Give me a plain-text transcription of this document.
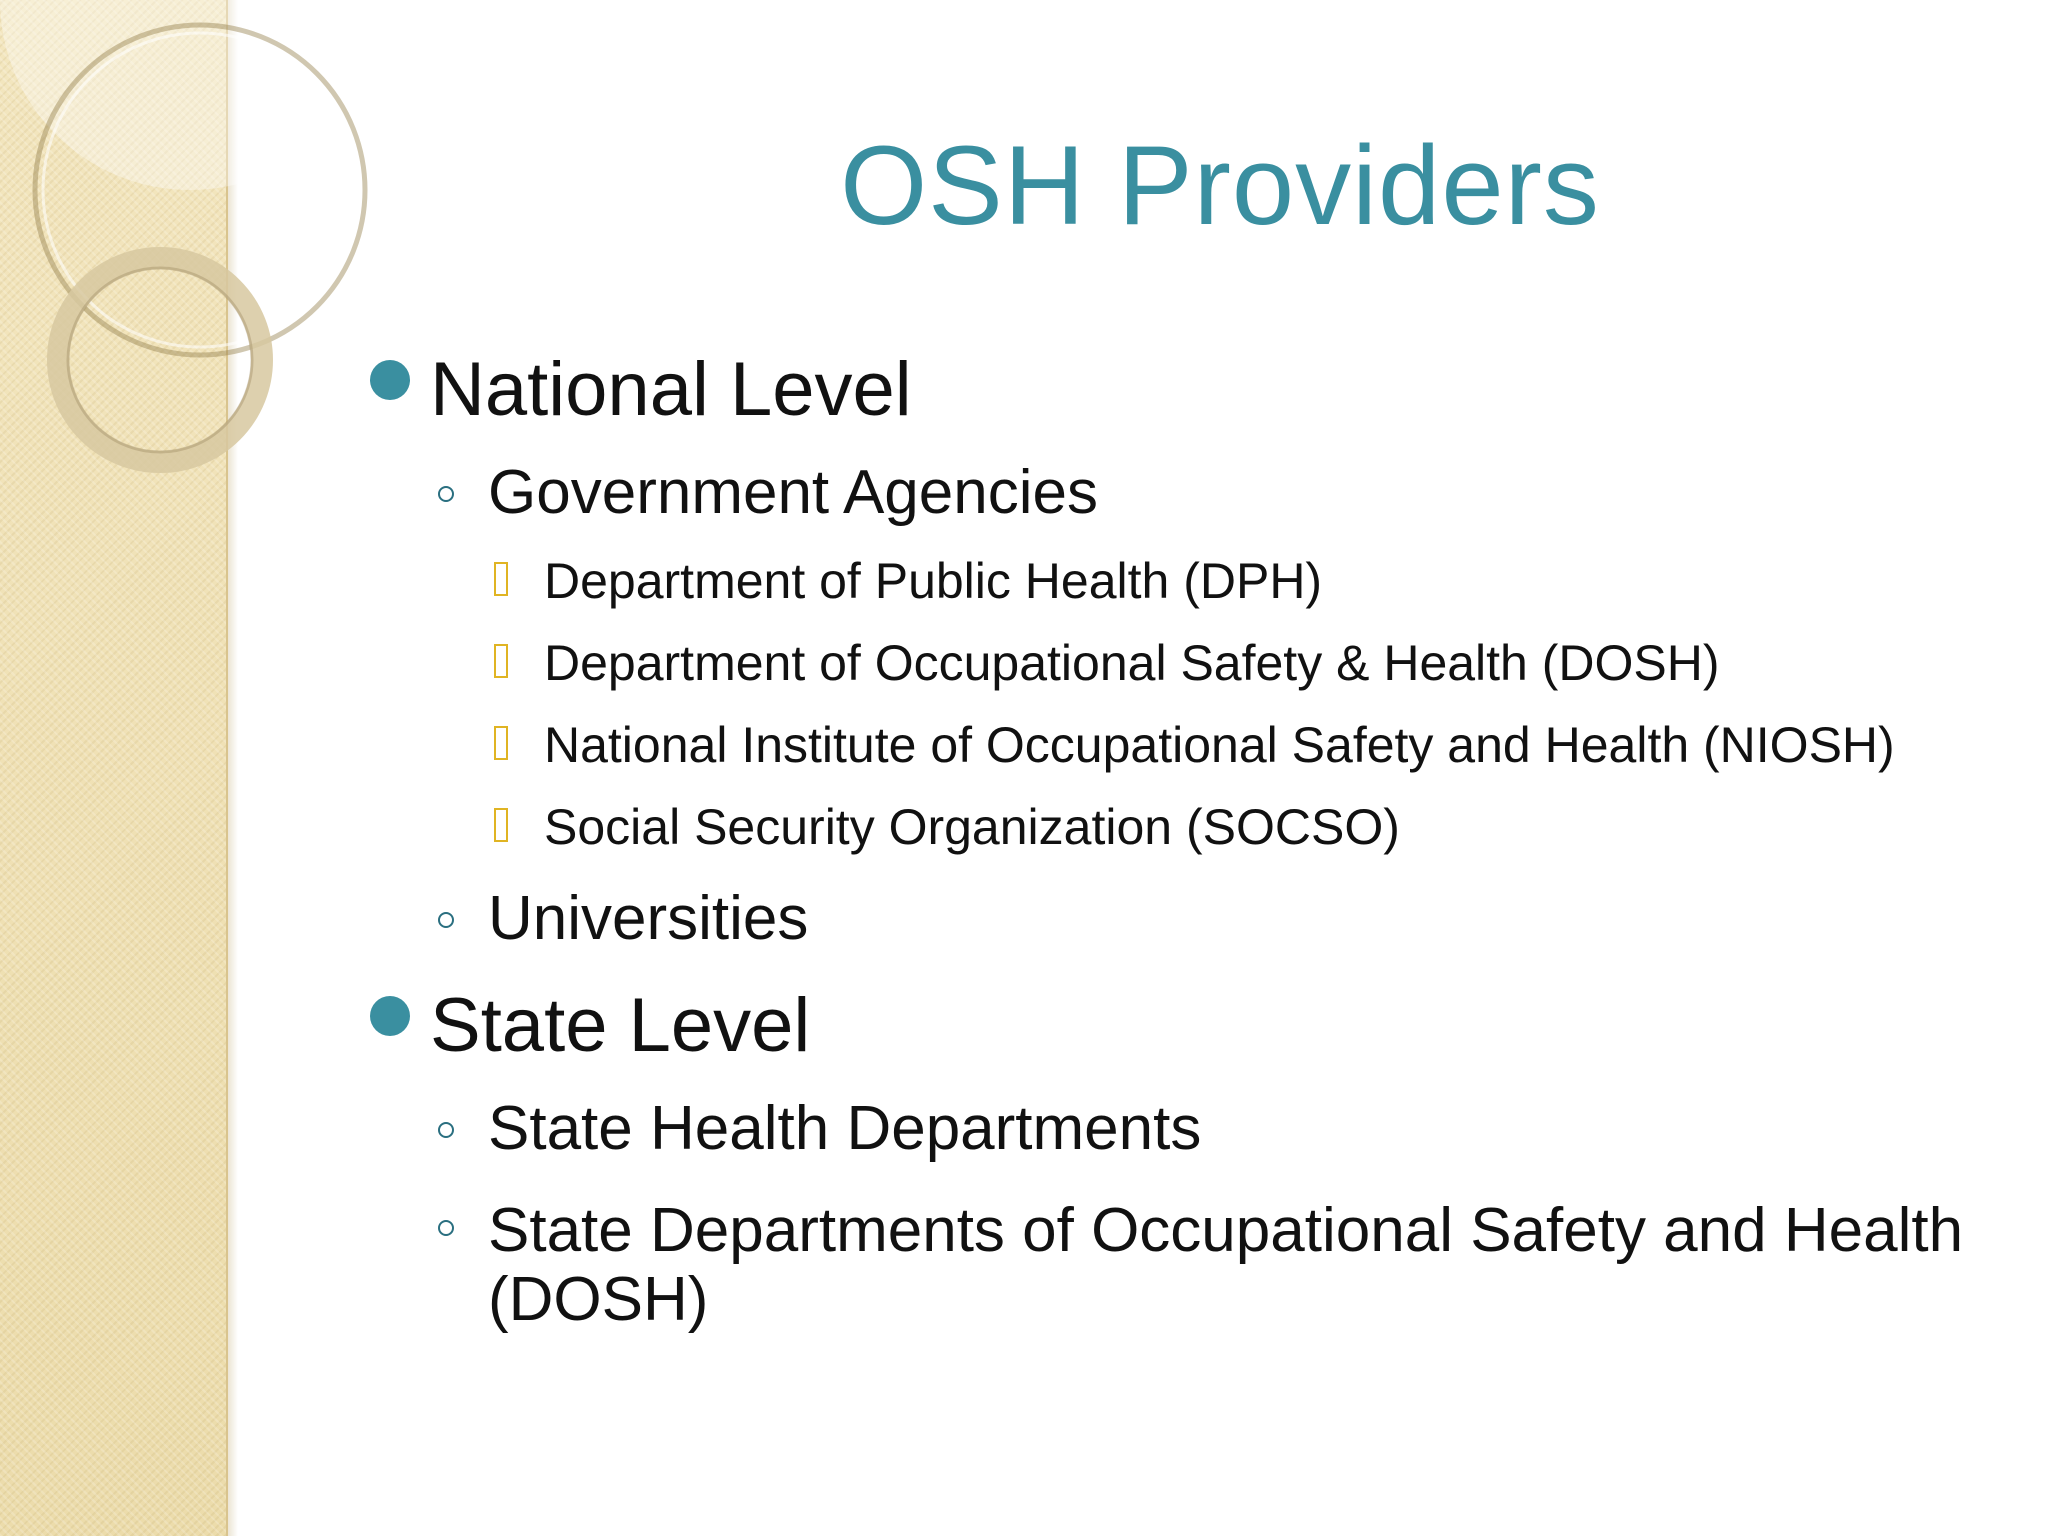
OSH Providers
National Level
Government Agencies
Department of Public Health (DPH)
Department of Occupational Safety & Health (DOSH)
National Institute of Occupational Safety and Health (NIOSH)
Social Security Organization (SOCSO)
Universities
State Level
State Health Departments
State Departments of Occupational Safety and Health (DOSH)
